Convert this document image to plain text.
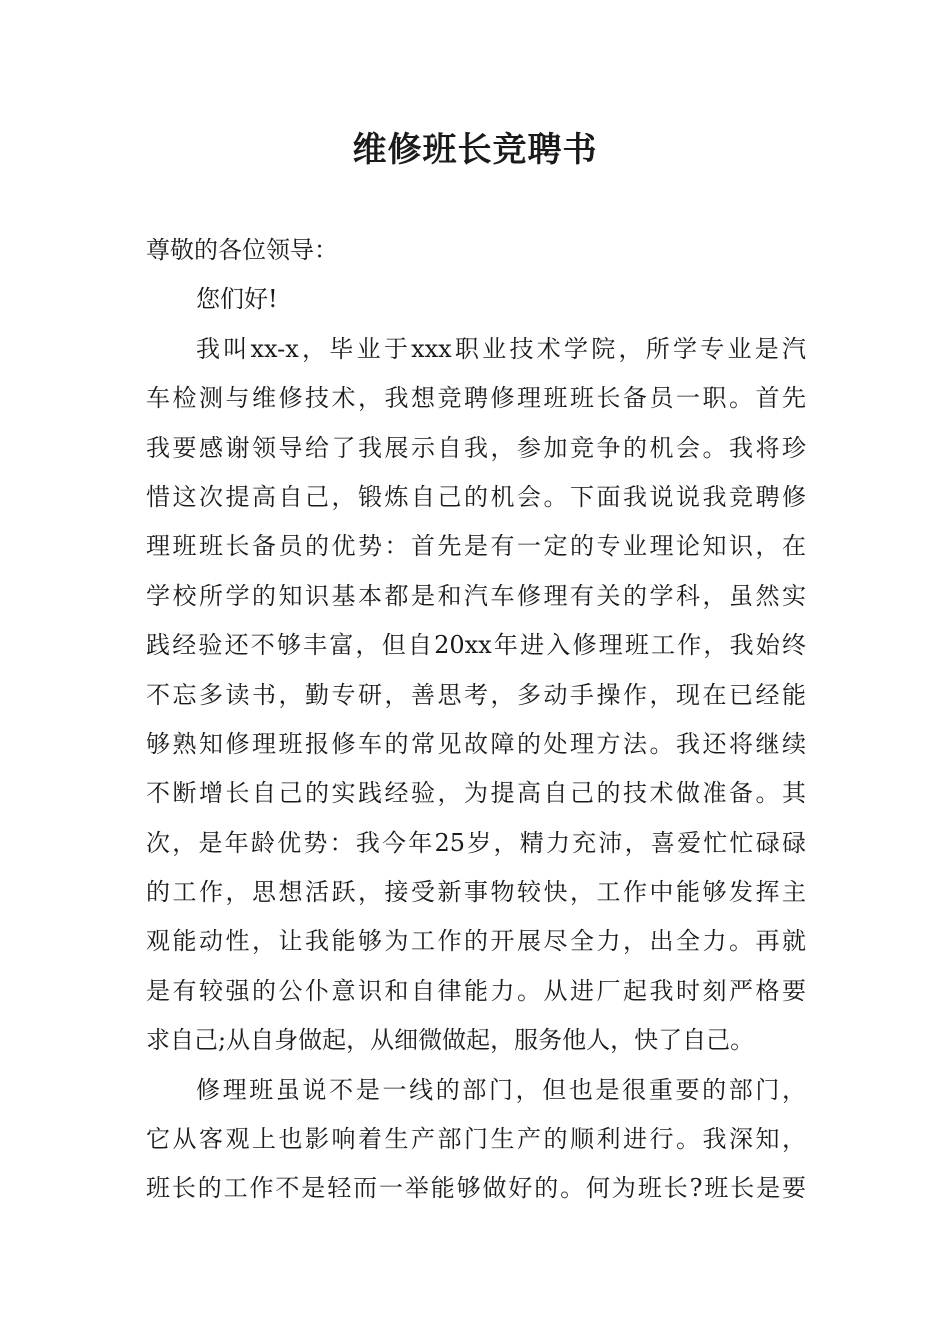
维修班长竞聘书

尊敬的各位领导：

您们好!

我叫xx-x，毕业于xxx职业技术学院，所学专业是汽

车检测与维修技术，我想竞聘修理班班长备员一职。首先

我要感谢领导给了我展示自我，参加竞争的机会。我将珍

惜这次提高自己，锻炼自己的机会。下面我说说我竞聘修

理班班长备员的优势：首先是有一定的专业理论知识，在

学校所学的知识基本都是和汽车修理有关的学科，虽然实

践经验还不够丰富，但自20xx年进入修理班工作，我始终

不忘多读书，勤专研，善思考，多动手操作，现在已经能

够熟知修理班报修车的常见故障的处理方法。我还将继续

不断增长自己的实践经验，为提高自己的技术做准备。其

次，是年龄优势：我今年25岁，精力充沛，喜爱忙忙碌碌

的工作，思想活跃，接受新事物较快，工作中能够发挥主

观能动性，让我能够为工作的开展尽全力，出全力。再就

是有较强的公仆意识和自律能力。从进厂起我时刻严格要

求自己;从自身做起，从细微做起，服务他人，快了自己。

修理班虽说不是一线的部门，但也是很重要的部门，

它从客观上也影响着生产部门生产的顺利进行。我深知，

班长的工作不是轻而一举能够做好的。何为班长?班长是要
